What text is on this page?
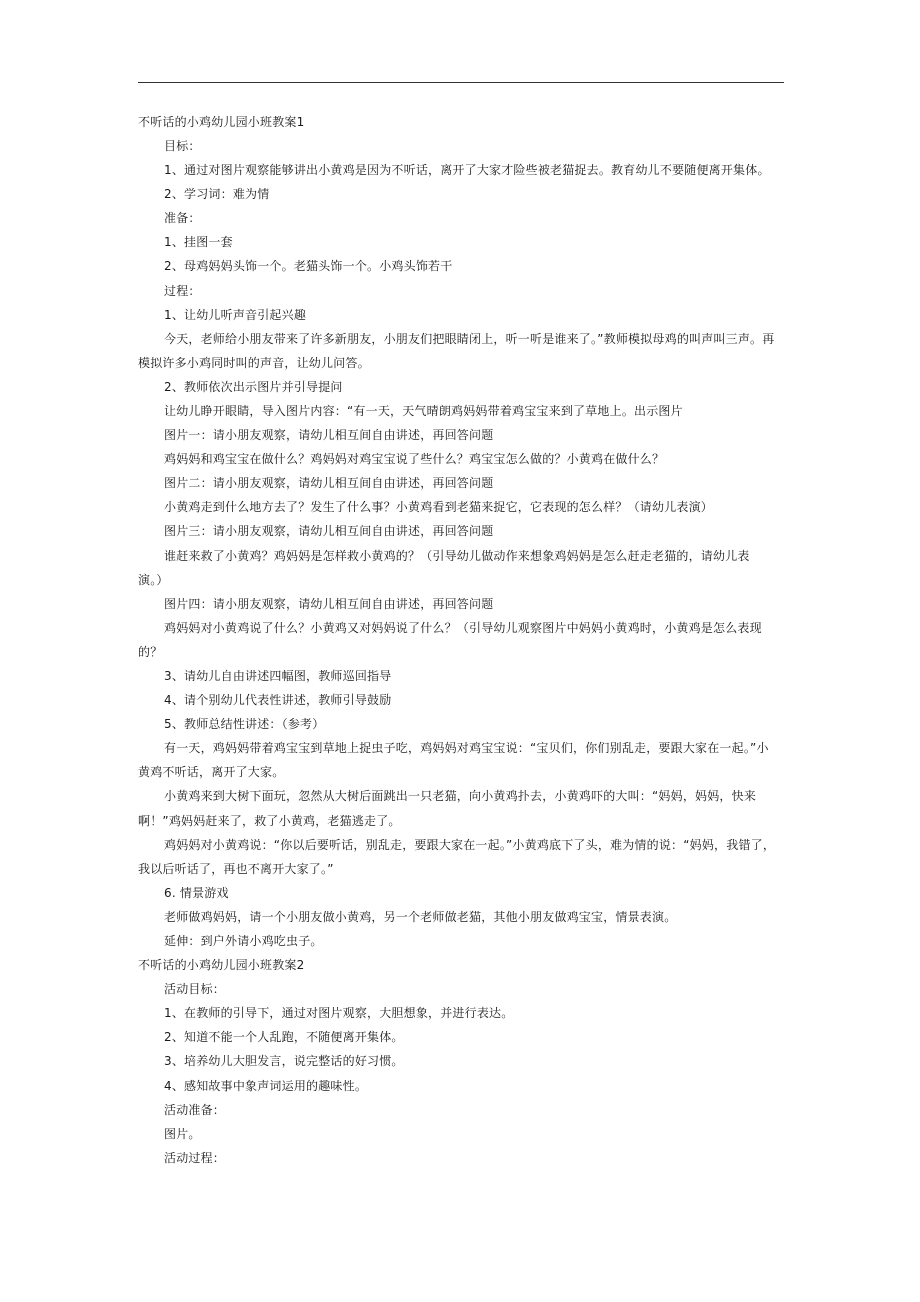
不听话的小鸡幼儿园小班教案1
目标：
1、通过对图片观察能够讲出小黄鸡是因为不听话，离开了大家才险些被老猫捉去。教育幼儿不要随便离开集体。
2、学习词：难为情
准备：
1、挂图一套
2、母鸡妈妈头饰一个。老猫头饰一个。小鸡头饰若干
过程：
1、让幼儿听声音引起兴趣
今天，老师给小朋友带来了许多新朋友，小朋友们把眼睛闭上，听一听是谁来了。”教师模拟母鸡的叫声叫三声。再
模拟许多小鸡同时叫的声音，让幼儿问答。
2、教师依次出示图片并引导提问
让幼儿睁开眼睛，导入图片内容：“有一天，天气晴朗鸡妈妈带着鸡宝宝来到了草地上。出示图片
图片一：请小朋友观察，请幼儿相互间自由讲述，再回答问题
鸡妈妈和鸡宝宝在做什么？鸡妈妈对鸡宝宝说了些什么？鸡宝宝怎么做的？小黄鸡在做什么？
图片二：请小朋友观察，请幼儿相互间自由讲述，再回答问题
小黄鸡走到什么地方去了？发生了什么事？小黄鸡看到老猫来捉它，它表现的怎么样？（请幼儿表演）
图片三：请小朋友观察，请幼儿相互间自由讲述，再回答问题
谁赶来救了小黄鸡？鸡妈妈是怎样救小黄鸡的？（引导幼儿做动作来想象鸡妈妈是怎么赶走老猫的，请幼儿表
演。）
图片四：请小朋友观察，请幼儿相互间自由讲述，再回答问题
鸡妈妈对小黄鸡说了什么？小黄鸡又对妈妈说了什么？（引导幼儿观察图片中妈妈小黄鸡时，小黄鸡是怎么表现
的？
3、请幼儿自由讲述四幅图，教师巡回指导
4、请个别幼儿代表性讲述，教师引导鼓励
5、教师总结性讲述：（参考）
有一天，鸡妈妈带着鸡宝宝到草地上捉虫子吃，鸡妈妈对鸡宝宝说：“宝贝们，你们别乱走，要跟大家在一起。”小
黄鸡不听话，离开了大家。
小黄鸡来到大树下面玩，忽然从大树后面跳出一只老猫，向小黄鸡扑去，小黄鸡吓的大叫：“妈妈，妈妈，快来
啊！”鸡妈妈赶来了，救了小黄鸡，老猫逃走了。
鸡妈妈对小黄鸡说：“你以后要听话，别乱走，要跟大家在一起。”小黄鸡底下了头，难为情的说：“妈妈，我错了，
我以后听话了，再也不离开大家了。”
6. 情景游戏
老师做鸡妈妈，请一个小朋友做小黄鸡，另一个老师做老猫，其他小朋友做鸡宝宝，情景表演。
延伸：到户外请小鸡吃虫子。
不听话的小鸡幼儿园小班教案2
活动目标：
1、在教师的引导下，通过对图片观察，大胆想象，并进行表达。
2、知道不能一个人乱跑，不随便离开集体。
3、培养幼儿大胆发言，说完整话的好习惯。
4、感知故事中象声词运用的趣味性。
活动准备：
图片。
活动过程：
